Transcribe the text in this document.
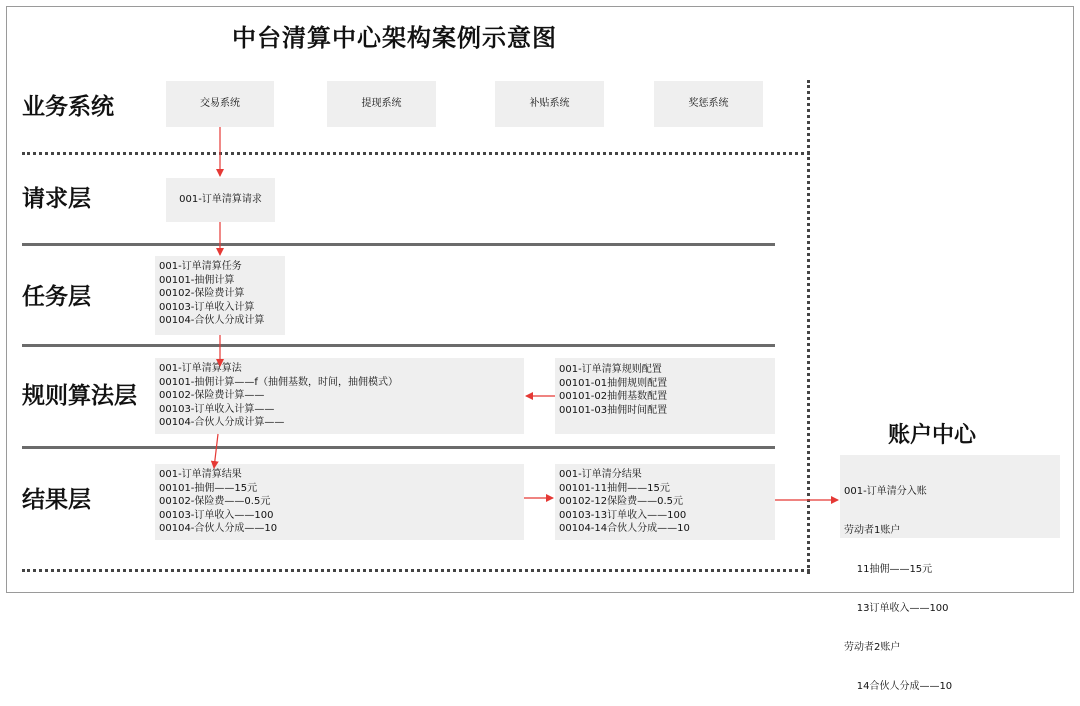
中台清算中心架构案例示意图
业务系统
请求层
任务层
规则算法层
结果层
交易系统	提现系统	补贴系统	奖惩系统
001-订单清算请求
001-订单清算任务
00101-抽佣计算
00102-保险费计算
00103-订单收入计算
00104-合伙人分成计算
001-订单清算算法
00101-抽佣计算——f（抽佣基数，时间，抽佣模式）
00102-保险费计算——
00103-订单收入计算——
00104-合伙人分成计算——
001-订单清算规则配置
00101-01抽佣规则配置
00101-02抽佣基数配置
00101-03抽佣时间配置
001-订单清算结果
00101-抽佣——15元
00102-保险费——0.5元
00103-订单收入——100
00104-合伙人分成——10
001-订单清分结果
00101-11抽佣——15元
00102-12保险费——0.5元
00103-13订单收入——100
00104-14合伙人分成——10
账户中心

001-订单清分入账

劳动者1账户

11抽佣——15元

13订单收入——100

劳动者2账户

14合伙人分成——10
